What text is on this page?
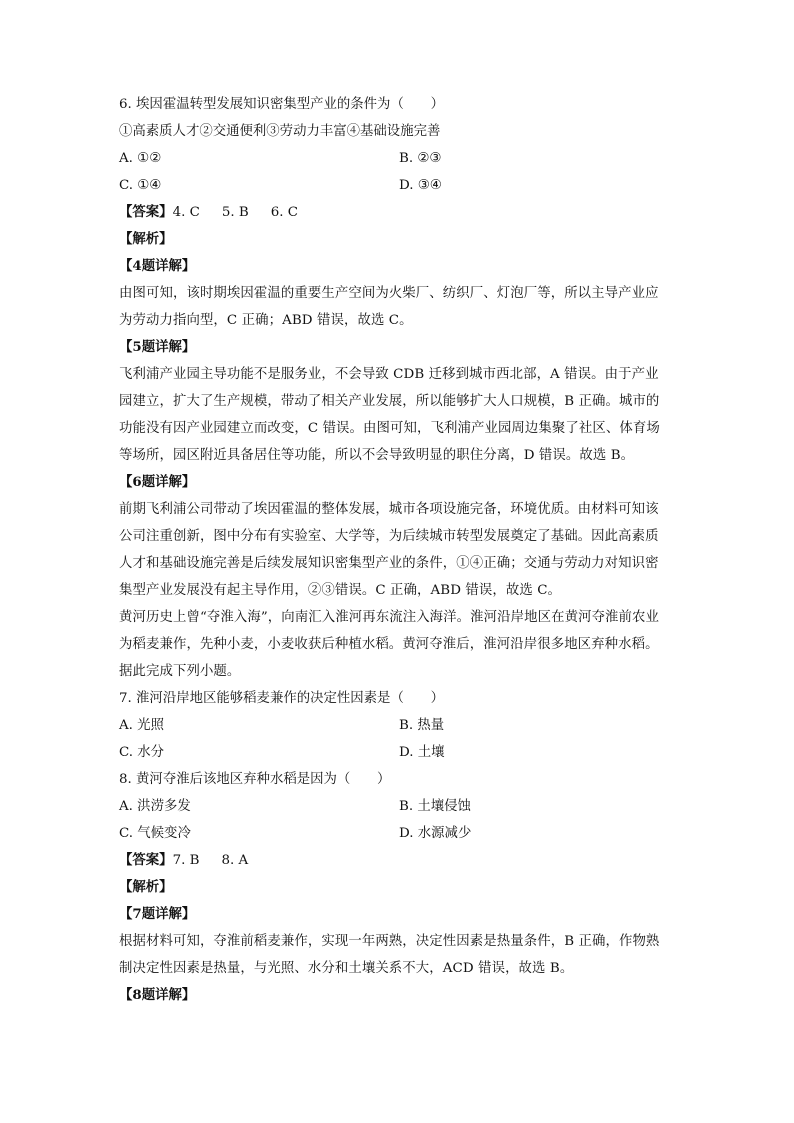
6. 埃因霍温转型发展知识密集型产业的条件为（　　）
①高素质人才②交通便利③劳动力丰富④基础设施完善
A. ①②	B. ②③
C. ①④	D. ③④
【答案】4. C 5. B 6. C
【解析】
【4题详解】
由图可知，该时期埃因霍温的重要生产空间为火柴厂、纺织厂、灯泡厂等，所以主导产业应
为劳动力指向型，C 正确；ABD 错误，故选 C。
【5题详解】
飞利浦产业园主导功能不是服务业，不会导致 CDB 迁移到城市西北部，A 错误。由于产业
园建立，扩大了生产规模，带动了相关产业发展，所以能够扩大人口规模，B 正确。城市的
功能没有因产业园建立而改变，C 错误。由图可知，飞利浦产业园周边集聚了社区、体育场
等场所，园区附近具备居住等功能，所以不会导致明显的职住分离，D 错误。故选 B。
【6题详解】
前期飞利浦公司带动了埃因霍温的整体发展，城市各项设施完备，环境优质。由材料可知该
公司注重创新，图中分布有实验室、大学等，为后续城市转型发展奠定了基础。因此高素质
人才和基础设施完善是后续发展知识密集型产业的条件，①④正确；交通与劳动力对知识密
集型产业发展没有起主导作用，②③错误。C 正确，ABD 错误，故选 C。
黄河历史上曾“夺淮入海”，向南汇入淮河再东流注入海洋。淮河沿岸地区在黄河夺淮前农业
为稻麦兼作，先种小麦，小麦收获后种植水稻。黄河夺淮后，淮河沿岸很多地区弃种水稻。
据此完成下列小题。
7. 淮河沿岸地区能够稻麦兼作的决定性因素是（　　）
A. 光照	B. 热量
C. 水分	D. 土壤
8. 黄河夺淮后该地区弃种水稻是因为（　　）
A. 洪涝多发	B. 土壤侵蚀
C. 气候变冷	D. 水源减少
【答案】7. B 8. A
【解析】
【7题详解】
根据材料可知，夺淮前稻麦兼作，实现一年两熟，决定性因素是热量条件，B 正确，作物熟
制决定性因素是热量，与光照、水分和土壤关系不大，ACD 错误，故选 B。
【8题详解】
